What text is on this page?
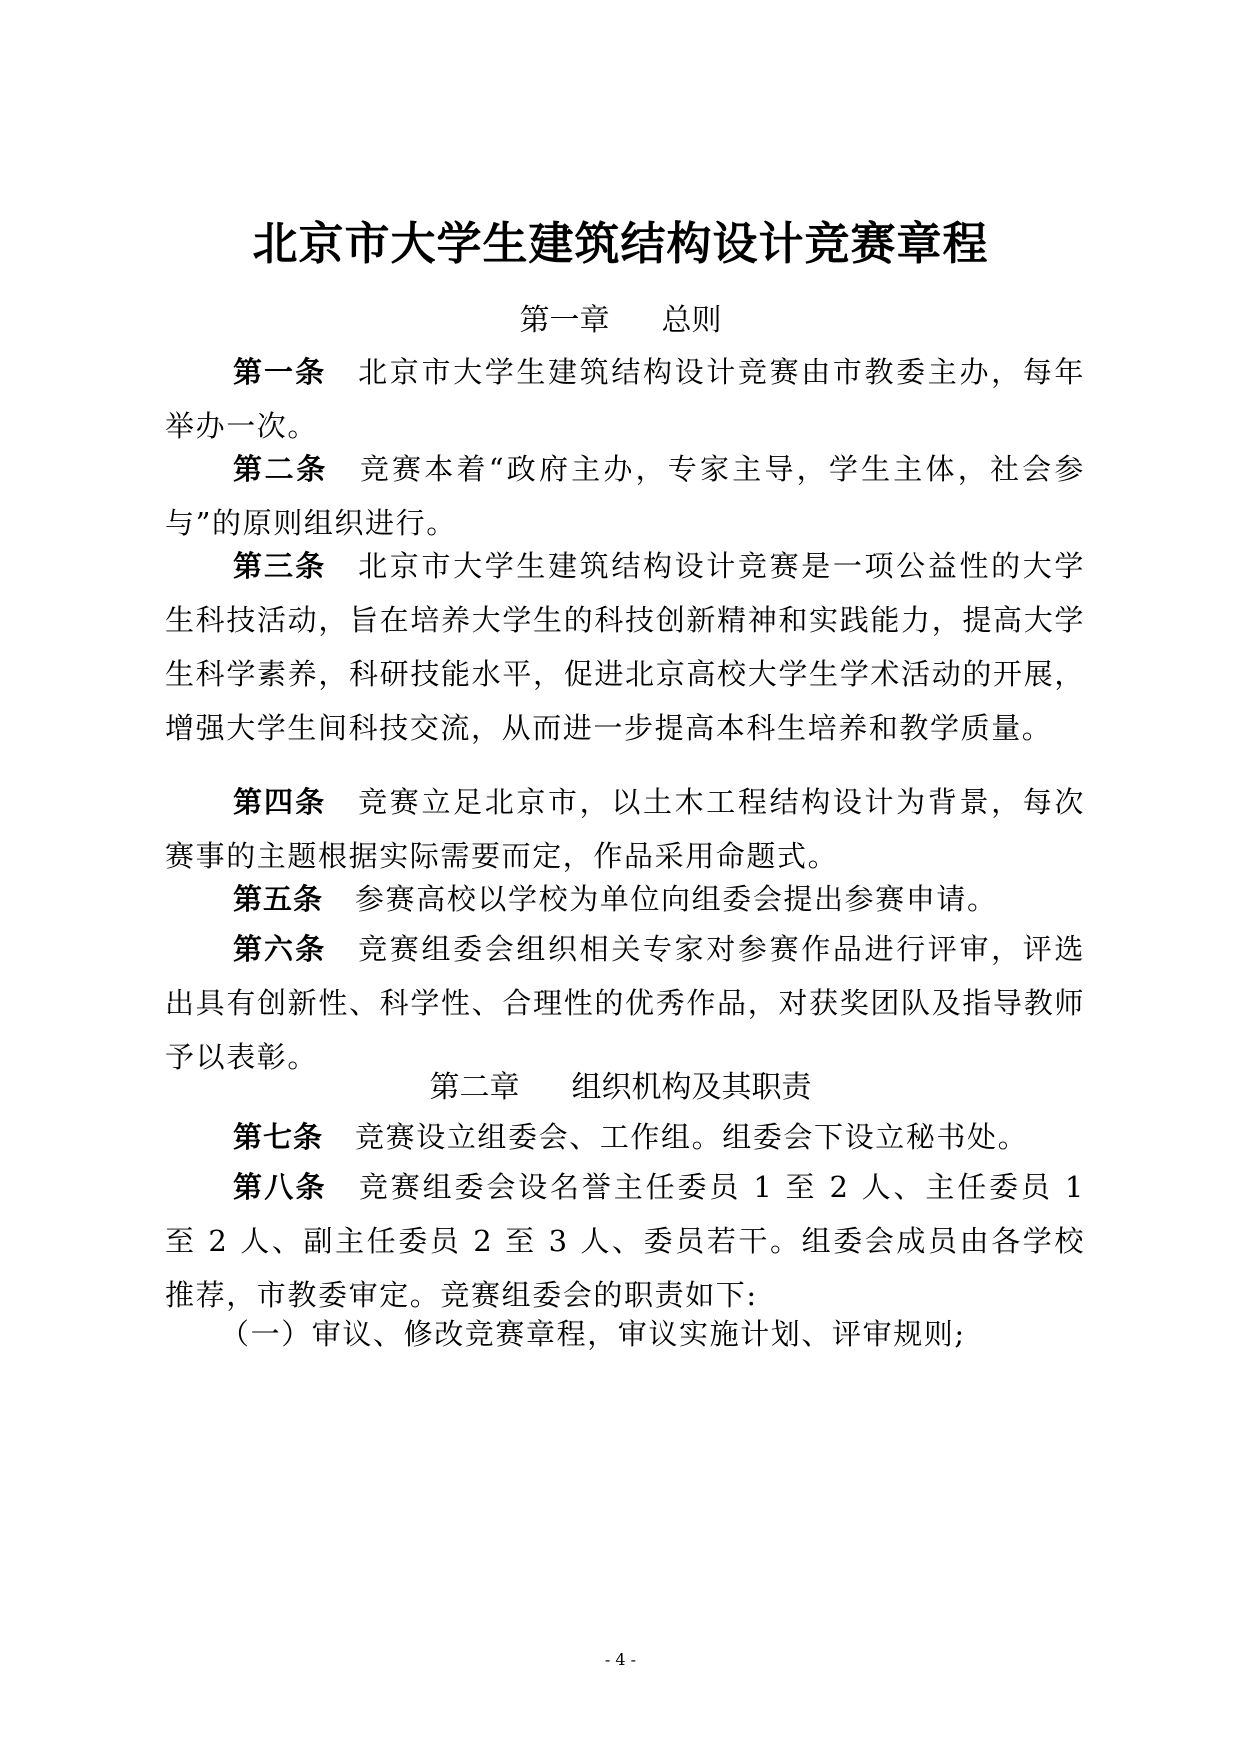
北京市大学生建筑结构设计竞赛章程
第一章 总则
第一条 北京市大学生建筑结构设计竞赛由市教委主办，每年举办一次。
第二条 竞赛本着“政府主办，专家主导，学生主体，社会参与”的原则组织进行。
第三条 北京市大学生建筑结构设计竞赛是一项公益性的大学生科技活动，旨在培养大学生的科技创新精神和实践能力，提高大学生科学素养，科研技能水平，促进北京高校大学生学术活动的开展，增强大学生间科技交流，从而进一步提高本科生培养和教学质量。
第四条 竞赛立足北京市，以土木工程结构设计为背景，每次赛事的主题根据实际需要而定，作品采用命题式。
第五条 参赛高校以学校为单位向组委会提出参赛申请。
第六条 竞赛组委会组织相关专家对参赛作品进行评审，评选出具有创新性、科学性、合理性的优秀作品，对获奖团队及指导教师予以表彰。
第二章 组织机构及其职责
第七条 竞赛设立组委会、工作组。组委会下设立秘书处。
第八条 竞赛组委会设名誉主任委员 1 至 2 人、主任委员 1 至 2 人、副主任委员 2 至 3 人、委员若干。组委会成员由各学校推荐，市教委审定。竞赛组委会的职责如下:
（一）审议、修改竞赛章程，审议实施计划、评审规则;
- 4 -
